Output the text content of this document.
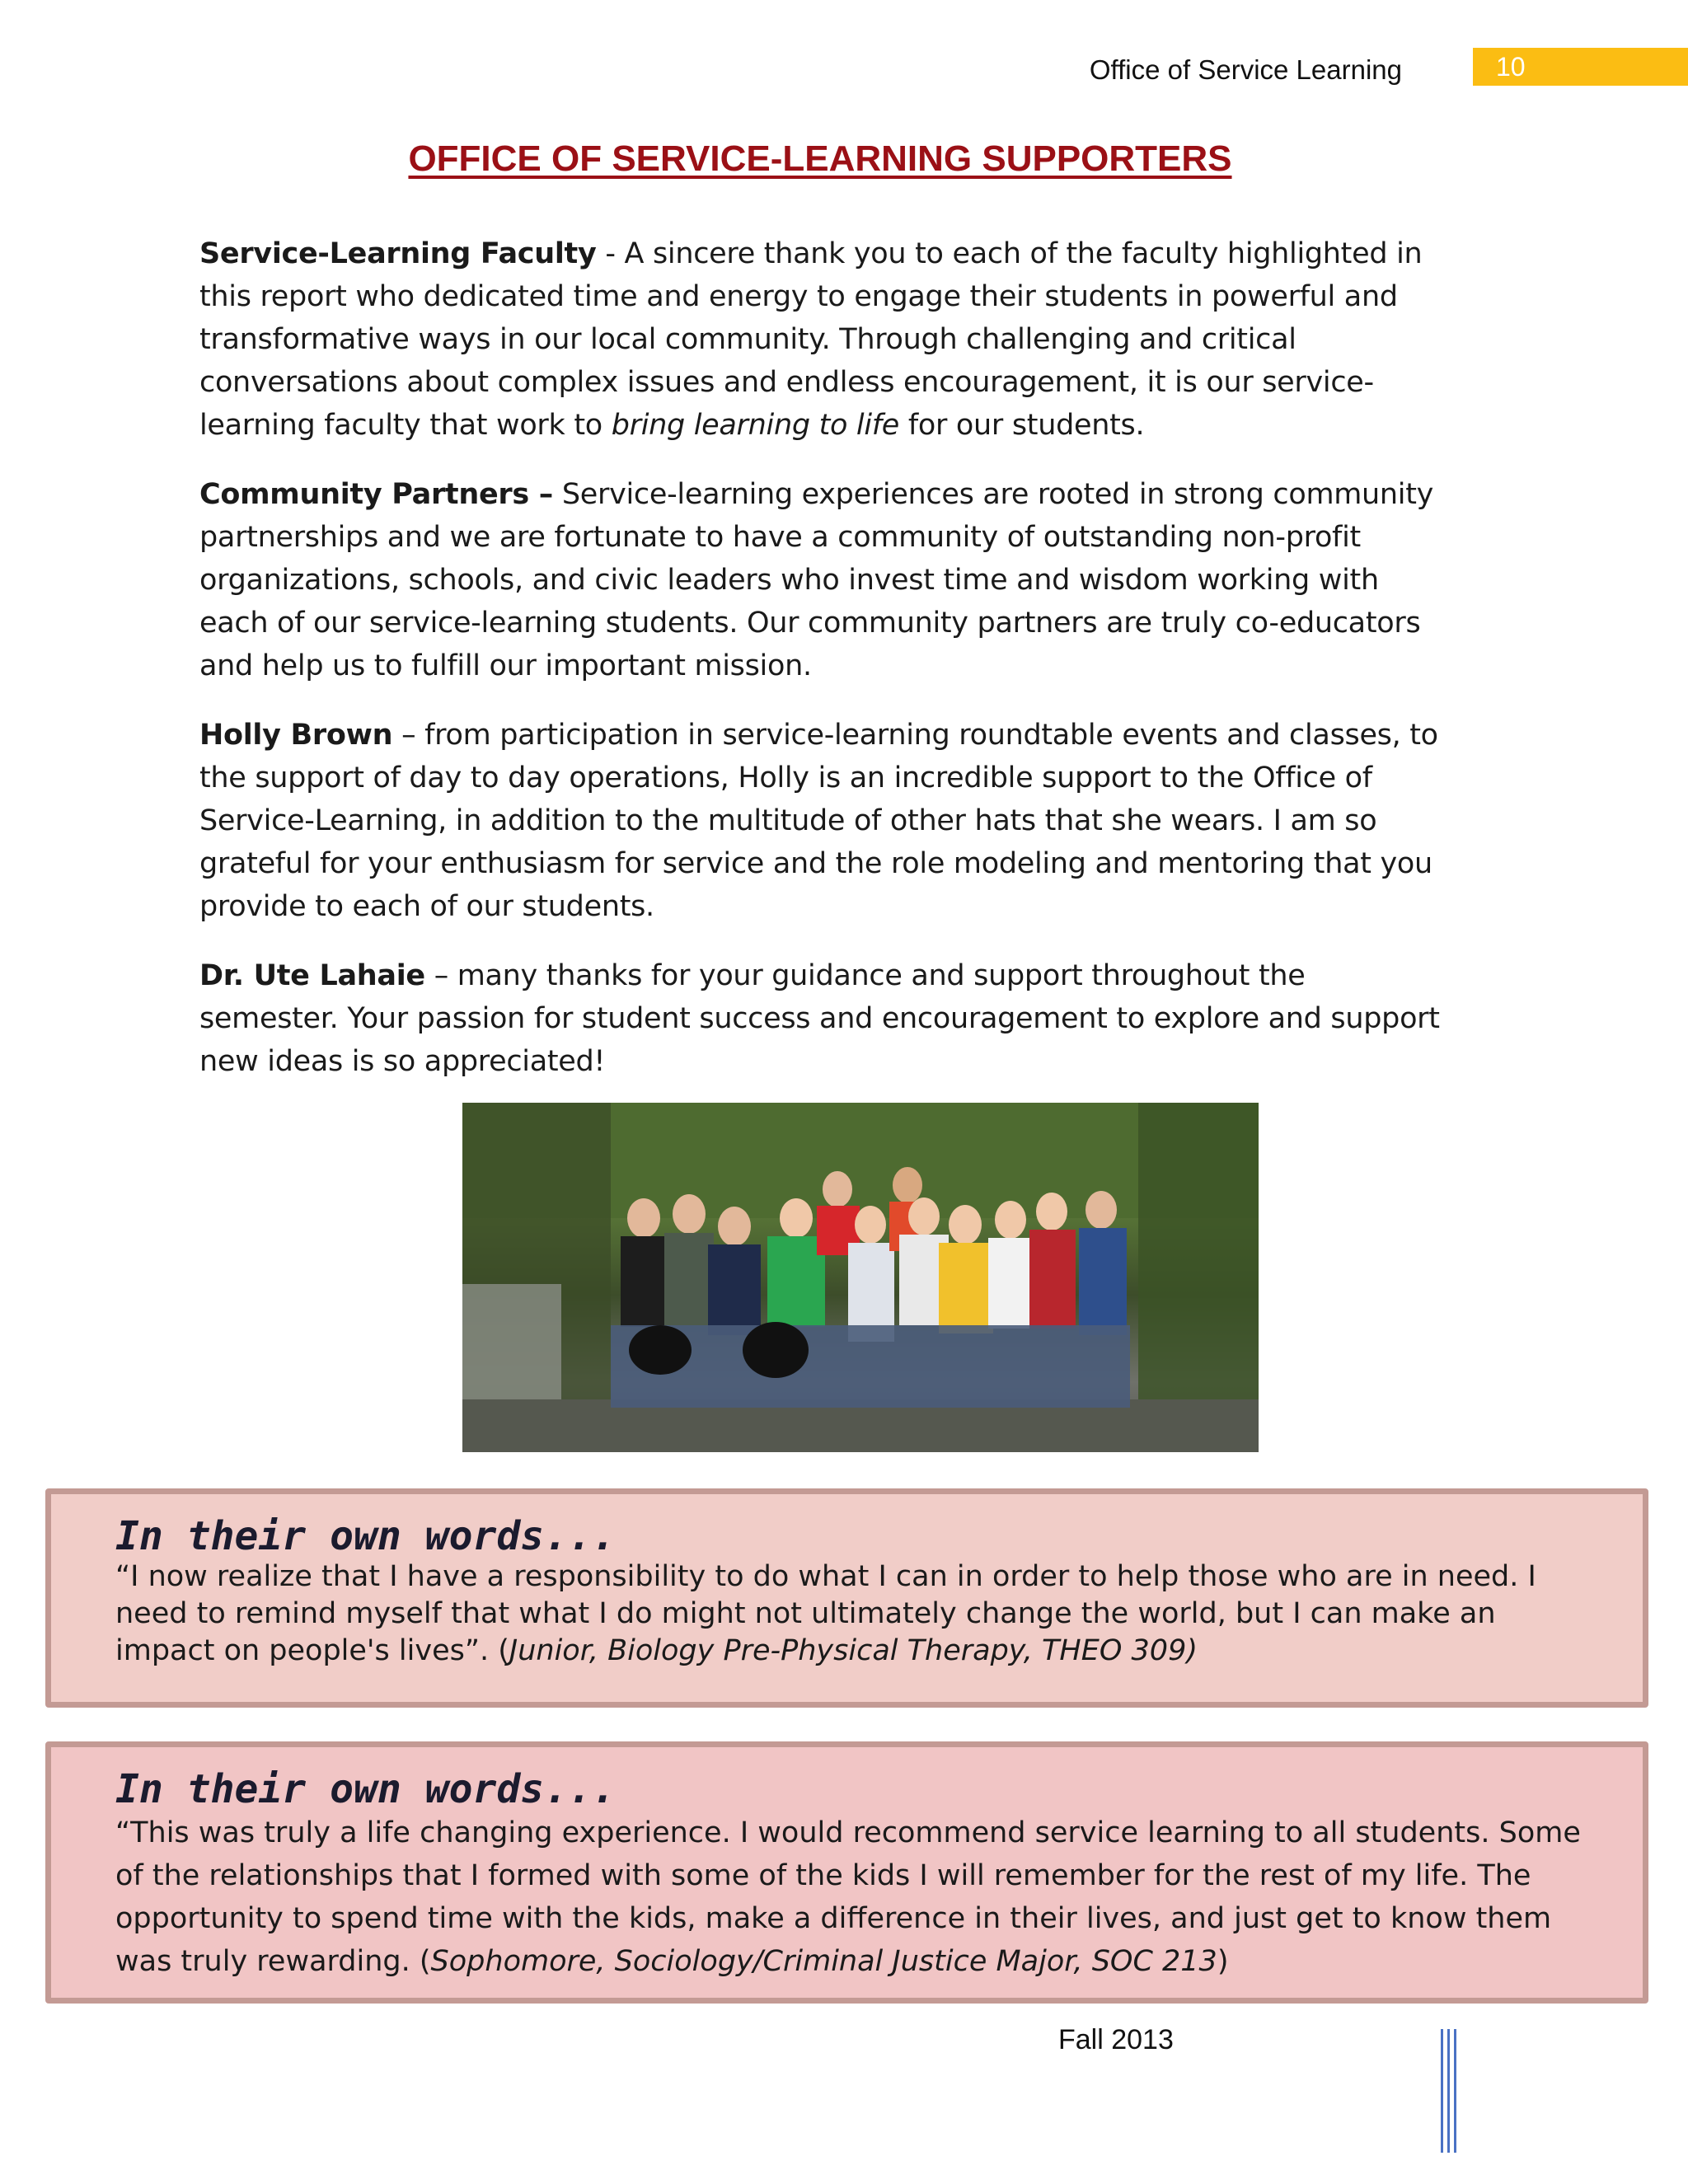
Office of Service Learning	10
OFFICE OF SERVICE-LEARNING SUPPORTERS

Service-Learning Faculty - A sincere thank you to each of the faculty highlighted in this report who dedicated time and energy to engage their students in powerful and transformative ways in our local community. Through challenging and critical conversations about complex issues and endless encouragement, it is our service-learning faculty that work to bring learning to life for our students.

Community Partners – Service-learning experiences are rooted in strong community partnerships and we are fortunate to have a community of outstanding non-profit organizations, schools, and civic leaders who invest time and wisdom working with each of our service-learning students. Our community partners are truly co-educators and help us to fulfill our important mission.

Holly Brown – from participation in service-learning roundtable events and classes, to the support of day to day operations, Holly is an incredible support to the Office of Service-Learning, in addition to the multitude of other hats that she wears. I am so grateful for your enthusiasm for service and the role modeling and mentoring that you provide to each of our students.

Dr. Ute Lahaie – many thanks for your guidance and support throughout the semester. Your passion for student success and encouragement to explore and support new ideas is so appreciated!

In their own words...
“I now realize that I have a responsibility to do what I can in order to help those who are in need. I need to remind myself that what I do might not ultimately change the world, but I can make an impact on people's lives”. (Junior, Biology Pre-Physical Therapy, THEO 309)
In their own words...
“This was truly a life changing experience. I would recommend service learning to all students. Some of the relationships that I formed with some of the kids I will remember for the rest of my life. The opportunity to spend time with the kids, make a difference in their lives, and just get to know them was truly rewarding. (Sophomore, Sociology/Criminal Justice Major, SOC 213)
Fall 2013
